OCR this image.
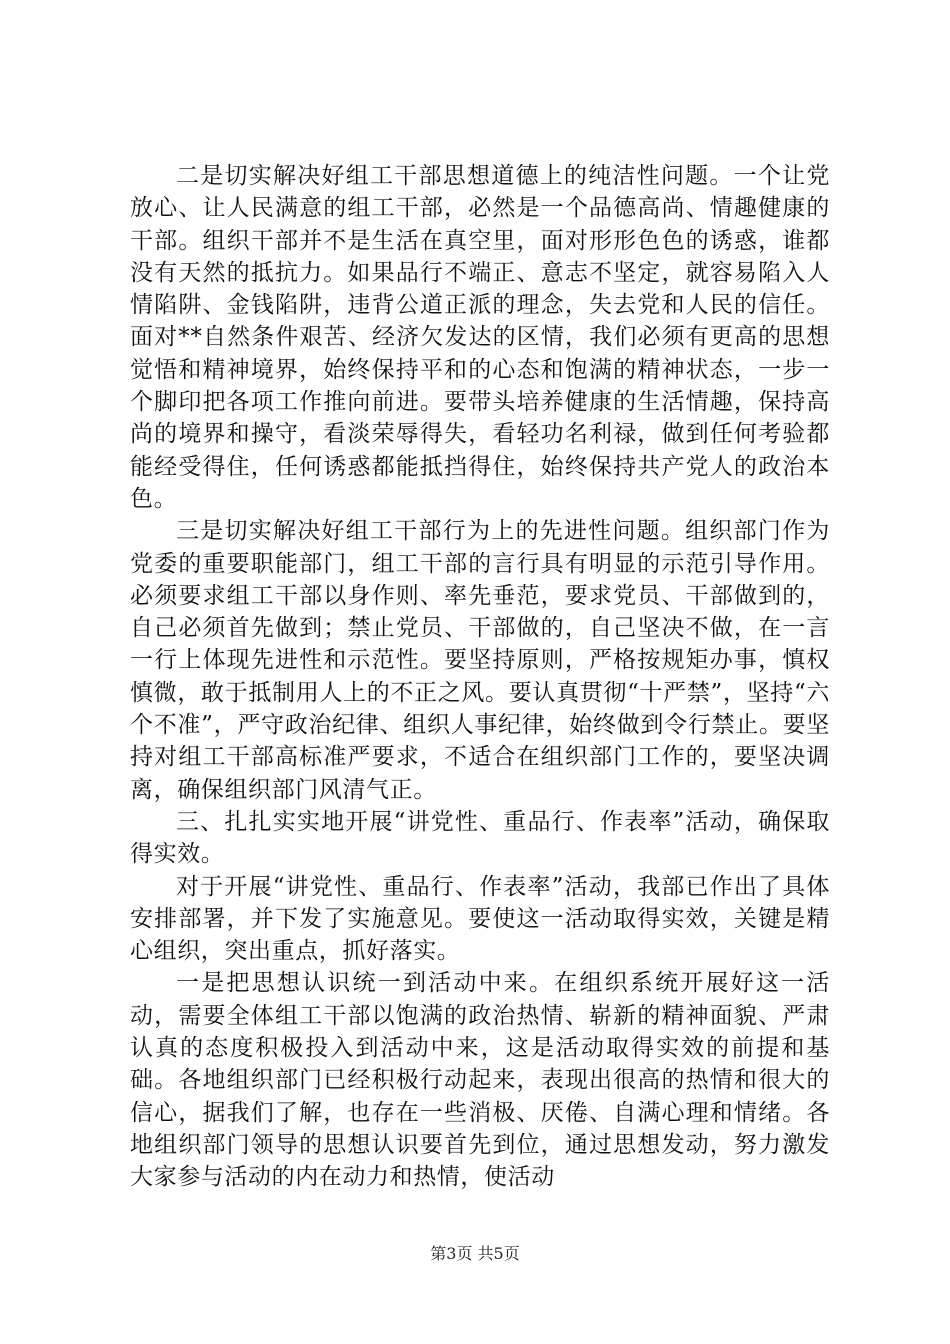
二是切实解决好组工干部思想道德上的纯洁性问题。一个让党放心、让人民满意的组工干部，必然是一个品德高尚、情趣健康的干部。组织干部并不是生活在真空里，面对形形色色的诱惑，谁都没有天然的抵抗力。如果品行不端正、意志不坚定，就容易陷入人情陷阱、金钱陷阱，违背公道正派的理念，失去党和人民的信任。面对**自然条件艰苦、经济欠发达的区情，我们必须有更高的思想觉悟和精神境界，始终保持平和的心态和饱满的精神状态，一步一个脚印把各项工作推向前进。要带头培养健康的生活情趣，保持高尚的境界和操守，看淡荣辱得失，看轻功名利禄，做到任何考验都能经受得住，任何诱惑都能抵挡得住，始终保持共产党人的政治本色。

三是切实解决好组工干部行为上的先进性问题。组织部门作为党委的重要职能部门，组工干部的言行具有明显的示范引导作用。必须要求组工干部以身作则、率先垂范，要求党员、干部做到的，自己必须首先做到；禁止党员、干部做的，自己坚决不做，在一言一行上体现先进性和示范性。要坚持原则，严格按规矩办事，慎权慎微，敢于抵制用人上的不正之风。要认真贯彻“十严禁”，坚持“六个不准”，严守政治纪律、组织人事纪律，始终做到令行禁止。要坚持对组工干部高标准严要求，不适合在组织部门工作的，要坚决调离，确保组织部门风清气正。

三、扎扎实实地开展“讲党性、重品行、作表率”活动，确保取得实效。

对于开展“讲党性、重品行、作表率”活动，我部已作出了具体安排部署，并下发了实施意见。要使这一活动取得实效，关键是精心组织，突出重点，抓好落实。

一是把思想认识统一到活动中来。在组织系统开展好这一活动，需要全体组工干部以饱满的政治热情、崭新的精神面貌、严肃认真的态度积极投入到活动中来，这是活动取得实效的前提和基础。各地组织部门已经积极行动起来，表现出很高的热情和很大的信心，据我们了解，也存在一些消极、厌倦、自满心理和情绪。各地组织部门领导的思想认识要首先到位，通过思想发动，努力激发大家参与活动的内在动力和热情，使活动

第3页 共5页
